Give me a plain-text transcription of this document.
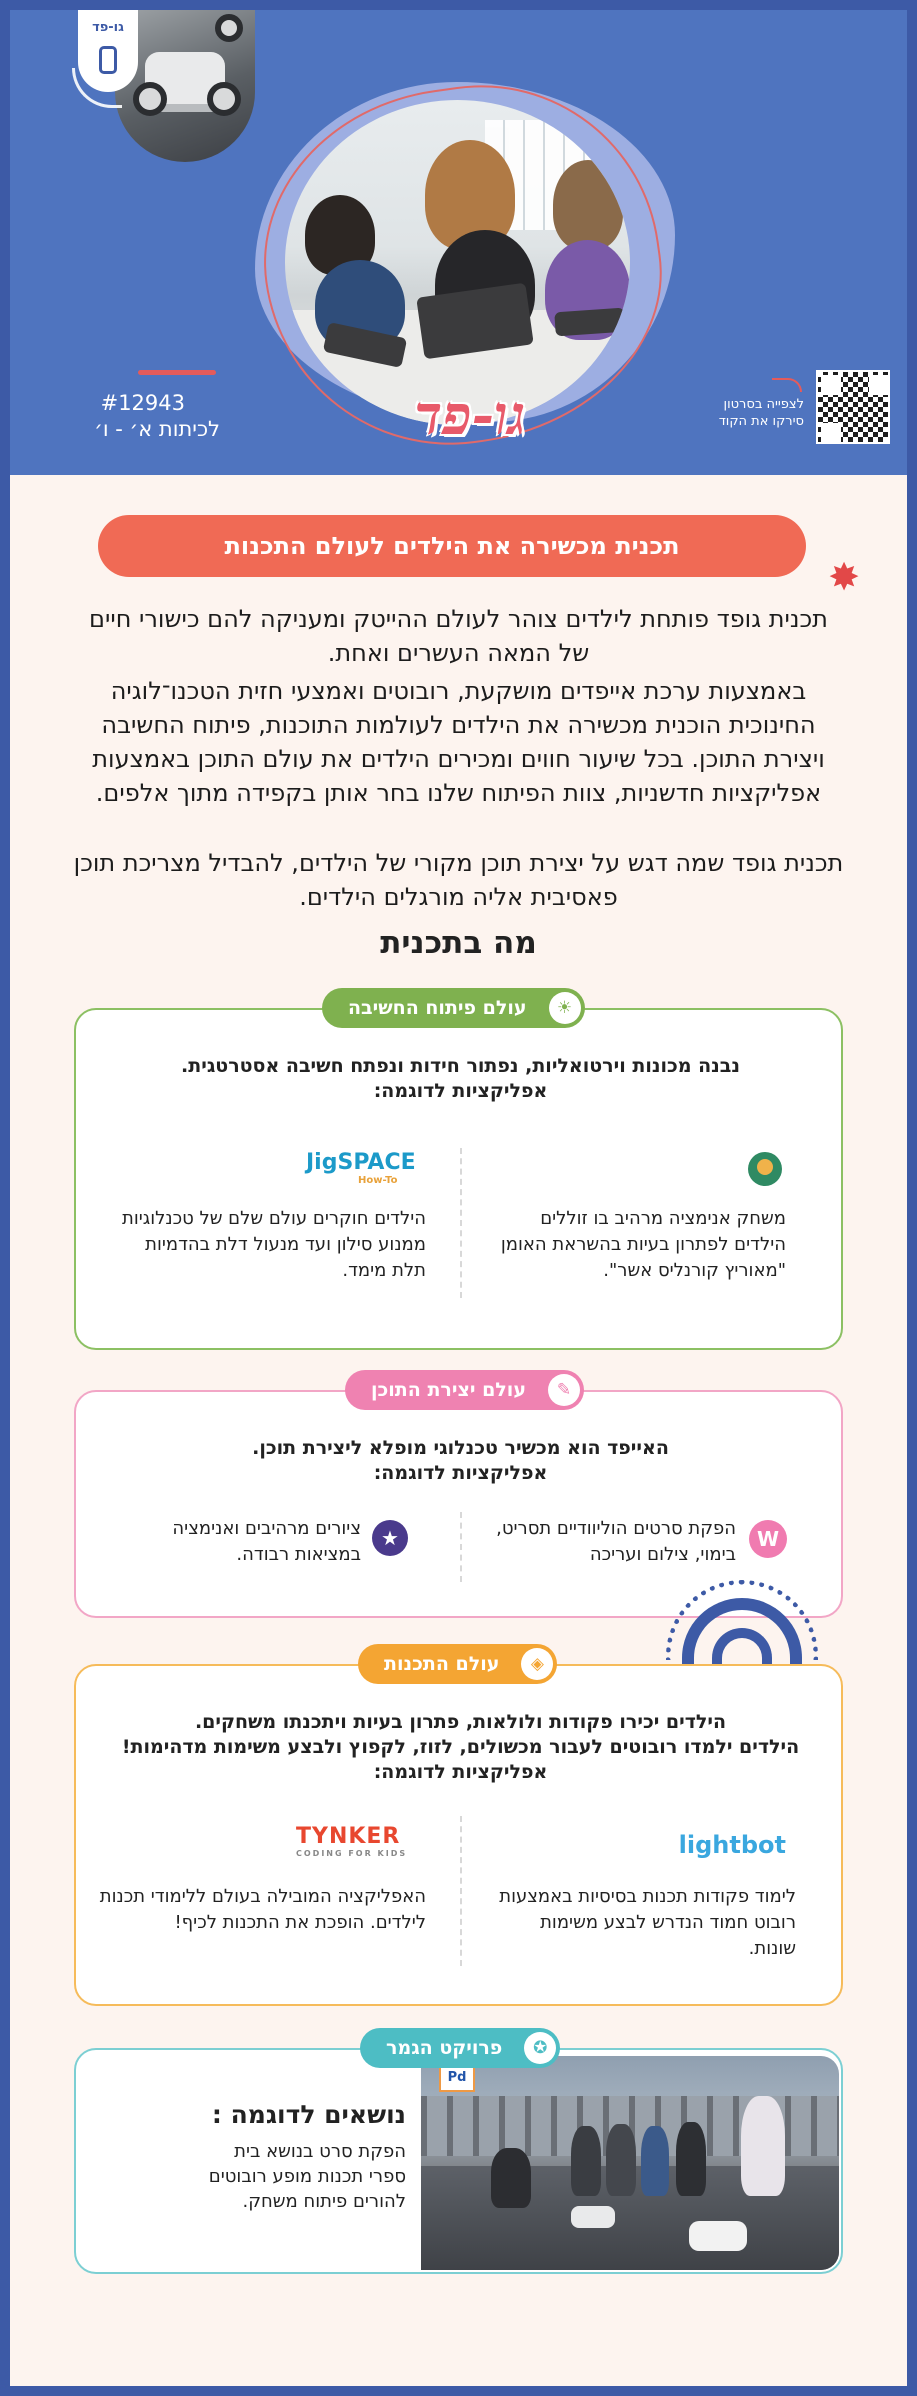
גו-פד
גו-פד
#12943
לכיתות א׳ - ו׳
לצפייה בסרטון
סירקו את הקוד
תכנית מכשירה את הילדים לעולם התכנות
✸
תכנית גופד פותחת לילדים צוהר לעולם ההייטק ומעניקה להם כישורי חיים של המאה העשרים ואחת.
באמצעות ערכת אייפדים מושקעת, רובוטים ואמצעי חזית הטכנו־לוגיה החינוכית הוכנית מכשירה את הילדים לעולמות התוכנות, פיתוח החשיבה ויצירת התוכן. בכל שיעור חווים ומכירים הילדים את עולם התוכן באמצעות אפליקציות חדשניות, צוות הפיתוח שלנו בחר אותן בקפידה מתוך אלפים.
תכנית גופד שמה דגש על יצירת תוכן מקורי של הילדים, להבדיל מצריכת תוכן פאסיבית אליה מורגלים הילדים.
מה בתכנית
נבנה מכונות וירטואליות, נפתור חידות ונפתח חשיבה אסטרטגית.
אפליקציות לדוגמה:
משחק אנימציה מרהיב בו זוללים הילדים לפתרון בעיות בהשראת האומן "מאוריץ קורנליס אשר".
JigSPACE
How-To
הילדים חוקרים עולם שלם של טכנלוגיות ממנוע סילון ועד מנעול דלת בהדמיות תלת מימד.
עולם פיתוח החשיבה	☀
האייפד הוא מכשיר טכנלוגי מופלא ליצירת תוכן.
אפליקציות לדוגמה:
W
הפקת סרטים הוליוודיים תסריט, בימוי, צילום ועריכה
★
ציורים מרהיבים ואנימציה במציאות רבודה.
עולם יצירת התוכן	✎
הילדים יכירו פקודות ולולאות, פתרון בעיות ויתכנתו משחקים.
הילדים ילמדו רובוטים לעבור מכשולים, לזוז, לקפוץ ולבצע משימות מדהימות!
אפליקציות לדוגמה:
lightbot
לימוד פקודות תכנות בסיסיות באמצעות רובוט חמוד הנדרש לבצע משימות שונות.
TYNKER
CODING FOR KIDS
האפליקציה המובילה בעולם ללימודי תכנות לילדים. הופכת את התכנות לכיף!
עולם התכנות	◈
Pd
נושאים לדוגמה :
הפקת סרט בנושא בית ספרי תכנות מופע רובוטים להורים פיתוח משחק.
פרויקט הגמר	✪
